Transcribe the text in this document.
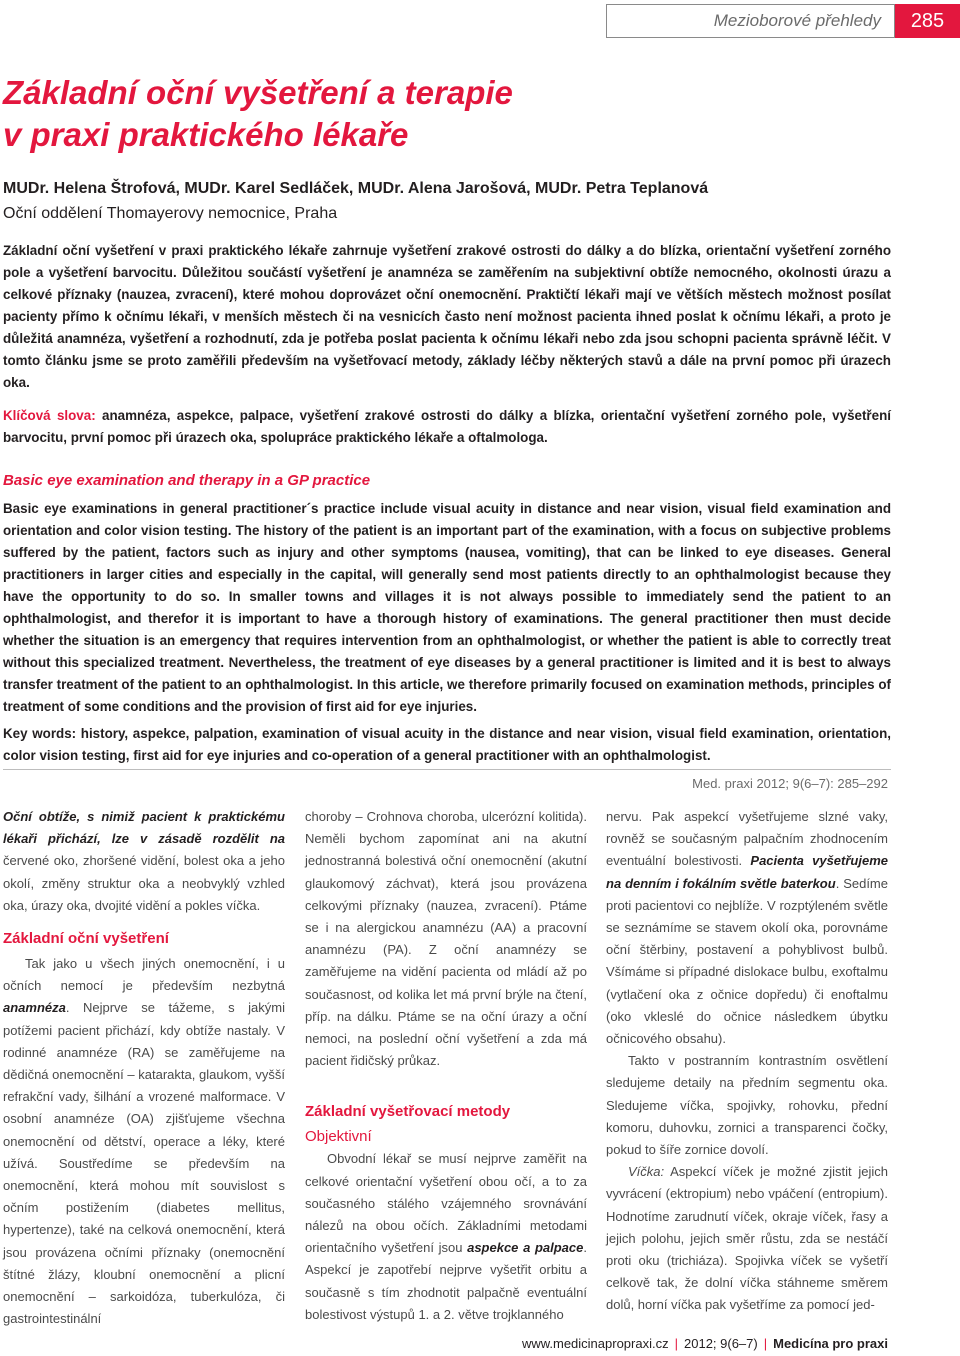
Mezioborové přehledy	285
Základní oční vyšetření a terapie
v praxi praktického lékaře
MUDr. Helena Štrofová, MUDr. Karel Sedláček, MUDr. Alena Jarošová, MUDr. Petra Teplanová
Oční oddělení Thomayerovy nemocnice, Praha
Základní oční vyšetření v praxi praktického lékaře zahrnuje vyšetření zrakové ostrosti do dálky a do blízka, orientační vyšetření zorného pole a vyšetření barvocitu. Důležitou součástí vyšetření je anamnéza se zaměřením na subjektivní obtíže nemocného, okolnosti úrazu a celkové příznaky (nauzea, zvracení), které mohou doprovázet oční onemocnění. Praktičtí lékaři mají ve větších městech možnost posílat pacienty přímo k očnímu lékaři, v menších městech či na vesnicích často není možnost pacienta ihned poslat k očnímu lékaři, a proto je důležitá anamnéza, vyšetření a rozhodnutí, zda je potřeba poslat pacienta k očnímu lékaři nebo zda jsou schopni pacienta správně léčit. V tomto článku jsme se proto zaměřili především na vyšetřovací metody, základy léčby některých stavů a dále na první pomoc při úrazech oka.
Klíčová slova: anamnéza, aspekce, palpace, vyšetření zrakové ostrosti do dálky a blízka, orientační vyšetření zorného pole, vyšetření barvocitu, první pomoc při úrazech oka, spolupráce praktického lékaře a oftalmologa.
Basic eye examination and therapy in a GP practice
Basic eye examinations in general practitioner´s practice include visual acuity in distance and near vision, visual field examination and orientation and color vision testing. The history of the patient is an important part of the examination, with a focus on subjective problems suffered by the patient, factors such as injury and other symptoms (nausea, vomiting), that can be linked to eye diseases. General practitioners in larger cities and especially in the capital, will generally send most patients directly to an ophthalmologist because they have the opportunity to do so. In smaller towns and villages it is not always possible to immediately send the patient to an ophthalmologist, and therefor it is important to have a thorough history of examinations. The general practitioner then must decide whether the situation is an emergency that requires intervention from an ophthalmologist, or whether the patient is able to correctly treat without this specialized treatment. Nevertheless, the treatment of eye diseases by a general practitioner is limited and it is best to always transfer treatment of the patient to an ophthalmologist. In this article, we therefore primarily focused on examination methods, principles of treatment of some conditions and the provision of first aid for eye injuries.
Key words: history, aspekce, palpation, examination of visual acuity in the distance and near vision, visual field examination, orientation, color vision testing, first aid for eye injuries and co-operation of a general practitioner with an ophthalmologist.
Med. praxi 2012; 9(6–7): 285–292

Oční obtíže, s nimiž pacient k praktickému lékaři přichází, lze v zásadě rozdělit na červené oko, zhoršené vidění, bolest oka a jeho okolí, změny struktur oka a neobvyklý vzhled oka, úrazy oka, dvojité vidění a pokles víčka.

Základní oční vyšetření

Tak jako u všech jiných onemocnění, i u očních nemocí je především nezbytná anamnéza. Nejprve se tážeme, s jakými potížemi pacient přichází, kdy obtíže nastaly. V rodinné anamnéze (RA) se zaměřujeme na dědičná onemocnění – katarakta, glaukom, vyšší refrakční vady, šilhání a vrozené malformace. V osobní anamnéze (OA) zjišťujeme všechna onemocnění od dětství, operace a léky, které užívá. Soustředíme se především na onemocnění, která mohou mít souvislost s očním postižením (diabetes mellitus, hypertenze), také na celková onemocnění, která jsou provázena očními příznaky (onemocnění štítné žlázy, kloubní onemocnění a plicní onemocnění – sarkoidóza, tuberkulóza, či gastrointestinální

choroby – Crohnova choroba, ulcerózní kolitida). Neměli bychom zapomínat ani na akutní jednostranná bolestivá oční onemocnění (akutní glaukomový záchvat), která jsou provázena celkovými příznaky (nauzea, zvracení). Ptáme se i na alergickou anamnézu (AA) a pracovní anamnézu (PA). Z oční anamnézy se zaměřujeme na vidění pacienta od mládí až po současnost, od kolika let má první brýle na čtení, příp. na dálku. Ptáme se na oční úrazy a oční nemoci, na poslední oční vyšetření a zda má pacient řidičský průkaz.

Základní vyšetřovací metody

Objektivní

Obvodní lékař se musí nejprve zaměřit na celkové orientační vyšetření obou očí, a to za současného stálého vzájemného srovnávání nálezů na obou očích. Základními metodami orientačního vyšetření jsou aspekce a palpace. Aspekcí je zapotřebí nejprve vyšetřit orbitu a současně s tím zhodnotit palpačně eventuální bolestivost výstupů 1. a 2. větve trojklanného

nervu. Pak aspekcí vyšetřujeme slzné vaky, rovněž se současným palpačním zhodnocením eventuální bolestivosti. Pacienta vyšetřujeme na denním i fokálním světle baterkou. Sedíme proti pacientovi co nejblíže. V rozptýleném světle se seznámíme se stavem okolí oka, porovnáme oční štěrbiny, postavení a pohyblivost bulbů. Všímáme si případné dislokace bulbu, exoftalmu (vytlačení oka z očnice dopředu) či enoftalmu (oko vkleslé do očnice následkem úbytku očnicového obsahu).

Takto v postranním kontrastním osvětlení sledujeme detaily na předním segmentu oka. Sledujeme víčka, spojivky, rohovku, přední komoru, duhovku, zornici a transparenci čočky, pokud to šíře zornice dovolí.

Víčka: Aspekcí víček je možné zjistit jejich vyvrácení (ektropium) nebo vpáčení (entropium). Hodnotíme zarudnutí víček, okraje víček, řasy a jejich polohu, jejich směr růstu, zda se nestáčí proti oku (trichiáza). Spojivka víček se vyšetří celkově tak, že dolní víčka stáhneme směrem dolů, horní víčka pak vyšetříme za pomocí jed-

www.medicinapropraxi.cz | 2012; 9(6–7) | Medicína pro praxi
